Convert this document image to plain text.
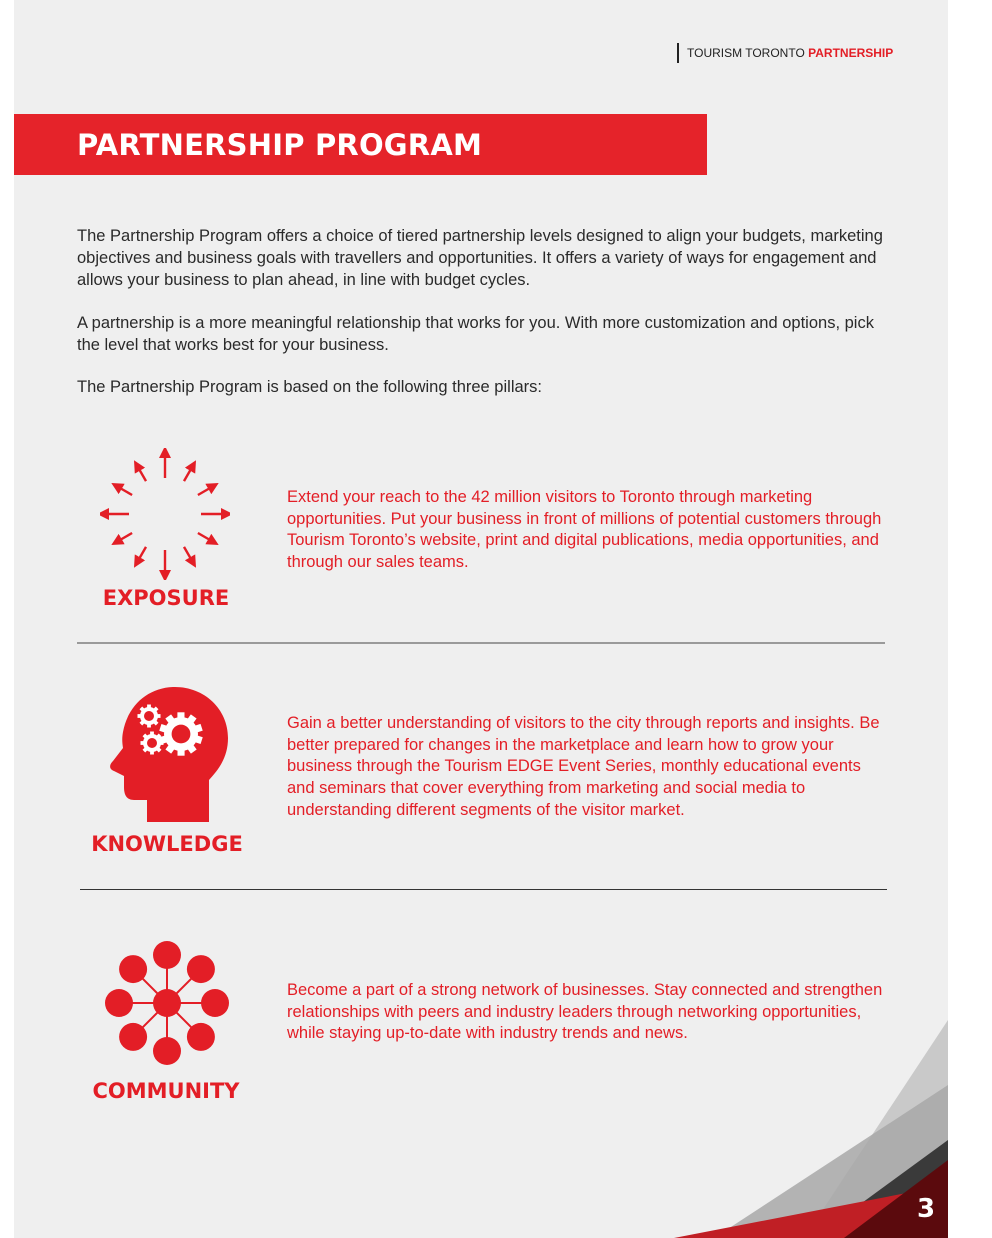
TOURISM TORONTO PARTNERSHIP
PARTNERSHIP PROGRAM

The Partnership Program offers a choice of tiered partnership levels designed to align your budgets, marketing objectives and business goals with travellers and opportunities. It offers a variety of ways for engagement and allows your business to plan ahead, in line with budget cycles.

A partnership is a more meaningful relationship that works for you. With more customization and options, pick the level that works best for your business.

The Partnership Program is based on the following three pillars:

EXPOSURE

Extend your reach to the 42 million visitors to Toronto through marketing opportunities. Put your business in front of millions of potential customers through Tourism Toronto’s website, print and digital publications, media opportunities, and through our sales teams.

KNOWLEDGE

Gain a better understanding of visitors to the city through reports and insights. Be better prepared for changes in the marketplace and learn how to grow your business through the Tourism EDGE Event Series, monthly educational events and seminars that cover everything from marketing and social media to understanding different segments of the visitor market.

COMMUNITY

Become a part of a strong network of businesses. Stay connected and strengthen relationships with peers and industry leaders through networking opportunities, while staying up-to-date with industry trends and news.

3
